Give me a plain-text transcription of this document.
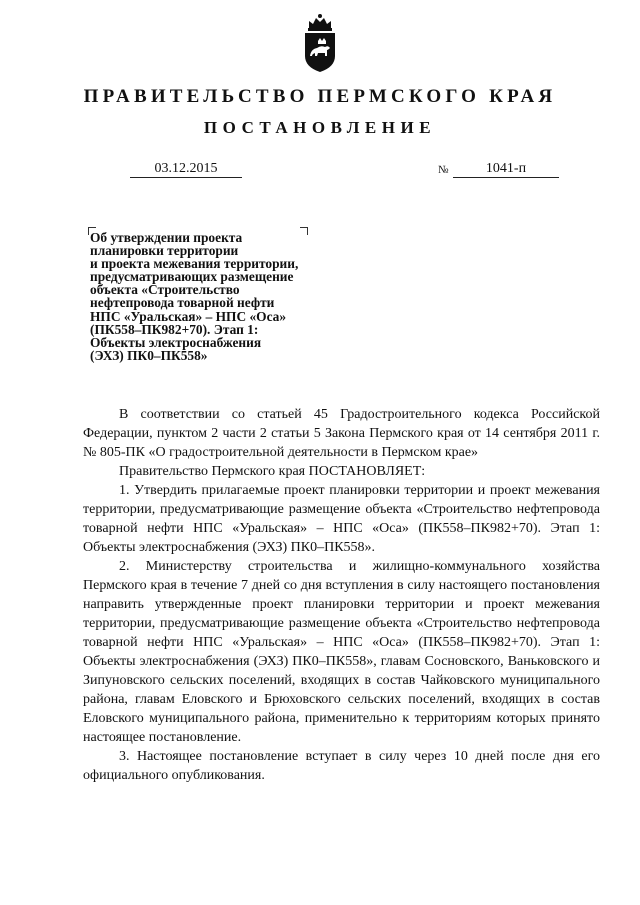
ПРАВИТЕЛЬСТВО ПЕРМСКОГО КРАЯ
ПОСТАНОВЛЕНИЕ
03.12.2015	№	1041-п
Об утверждении проекта
планировки территории
и проекта межевания территории,
предусматривающих размещение
объекта «Строительство
нефтепровода товарной нефти
НПС «Уральская» – НПС «Оса»
(ПК558–ПК982+70). Этап 1:
Объекты электроснабжения
(ЭХЗ) ПК0–ПК558»

В соответствии со статьей 45 Градостроительного кодекса Российской Федерации, пунктом 2 части 2 статьи 5 Закона Пермского края от 14 сентября 2011 г. № 805-ПК «О градостроительной деятельности в Пермском крае»

Правительство Пермского края ПОСТАНОВЛЯЕТ:

1. Утвердить прилагаемые проект планировки территории и проект межевания территории, предусматривающие размещение объекта «Строительство нефтепровода товарной нефти НПС «Уральская» – НПС «Оса» (ПК558–ПК982+70). Этап 1: Объекты электроснабжения (ЭХЗ) ПК0–ПК558».

2. Министерству строительства и жилищно-коммунального хозяйства Пермского края в течение 7 дней со дня вступления в силу настоящего постановления направить утвержденные проект планировки территории и проект межевания территории, предусматривающие размещение объекта «Строительство нефтепровода товарной нефти НПС «Уральская» – НПС «Оса» (ПК558–ПК982+70). Этап 1: Объекты электроснабжения (ЭХЗ) ПК0–ПК558», главам Сосновского, Ваньковского и Зипуновского сельских поселений, входящих в состав Чайковского муниципального района, главам Еловского и Брюховского сельских поселений, входящих в состав Еловского муниципального района, применительно к территориям которых принято настоящее постановление.

3. Настоящее постановление вступает в силу через 10 дней после дня его официального опубликования.
